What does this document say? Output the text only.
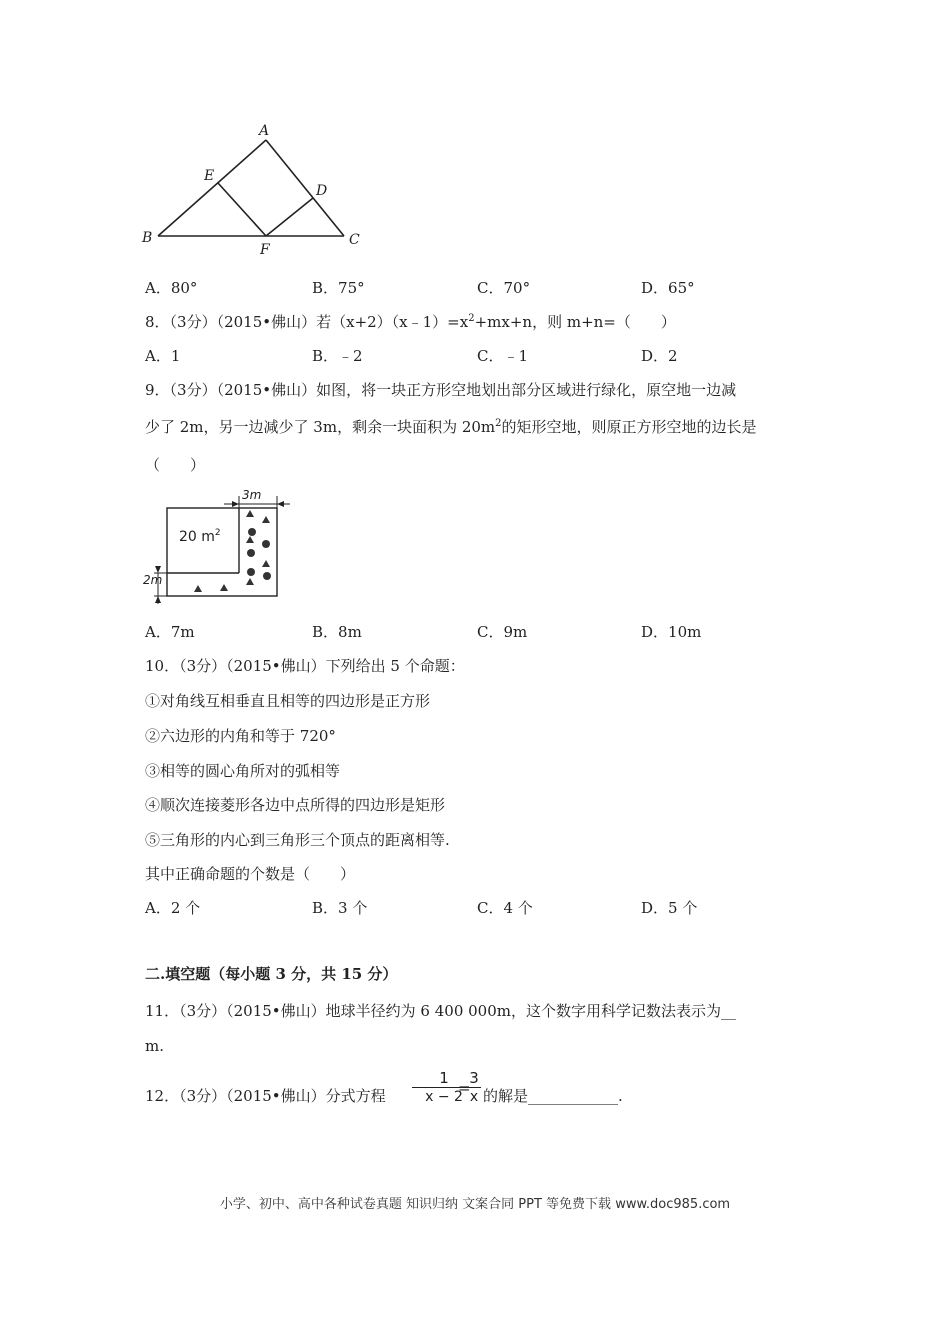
A
E
D
B
F
C
A．80°	B．75°	C．70°	D．65°
8．（3分）（2015•佛山）若$(x+2)(x﹣1)=x^2+mx+n$，则 m+n=（　　）
A．1	B．﹣2	C．﹣1	D．2
9．（3分）（2015•佛山）如图，将一块正方形空地划出部分区域进行绿化，原空地一边减
少了 2m，另一边减少了 3m，剩余一块面积为 $20m^2$的矩形空地，则原正方形空地的边长是
（　　）
3m
20 $m^2$
2m
A．7m	B．8m	C．9m	D．10m
10．（3分）（2015•佛山）下列给出 5 个命题：
①对角线互相垂直且相等的四边形是正方形
②六边形的内角和等于 720°
③相等的圆心角所对的弧相等
④顺次连接菱形各边中点所得的四边形是矩形
⑤三角形的内心到三角形三个顶点的距离相等.
其中正确命题的个数是（　　）
A．2 个	B．3 个	C．4 个	D．5 个
二.填空题（每小题 3 分，共 15 分）
11．（3分）（2015•佛山）地球半径约为 6 400 000m，这个数字用科学记数法表示为__
m.
12．（3分）（2015•佛山）分式方程
1
x − 2
=
3
x 的解是____________.
小学、初中、高中各种试卷真题 知识归纳 文案合同 PPT 等免费下载 www.doc985.com
